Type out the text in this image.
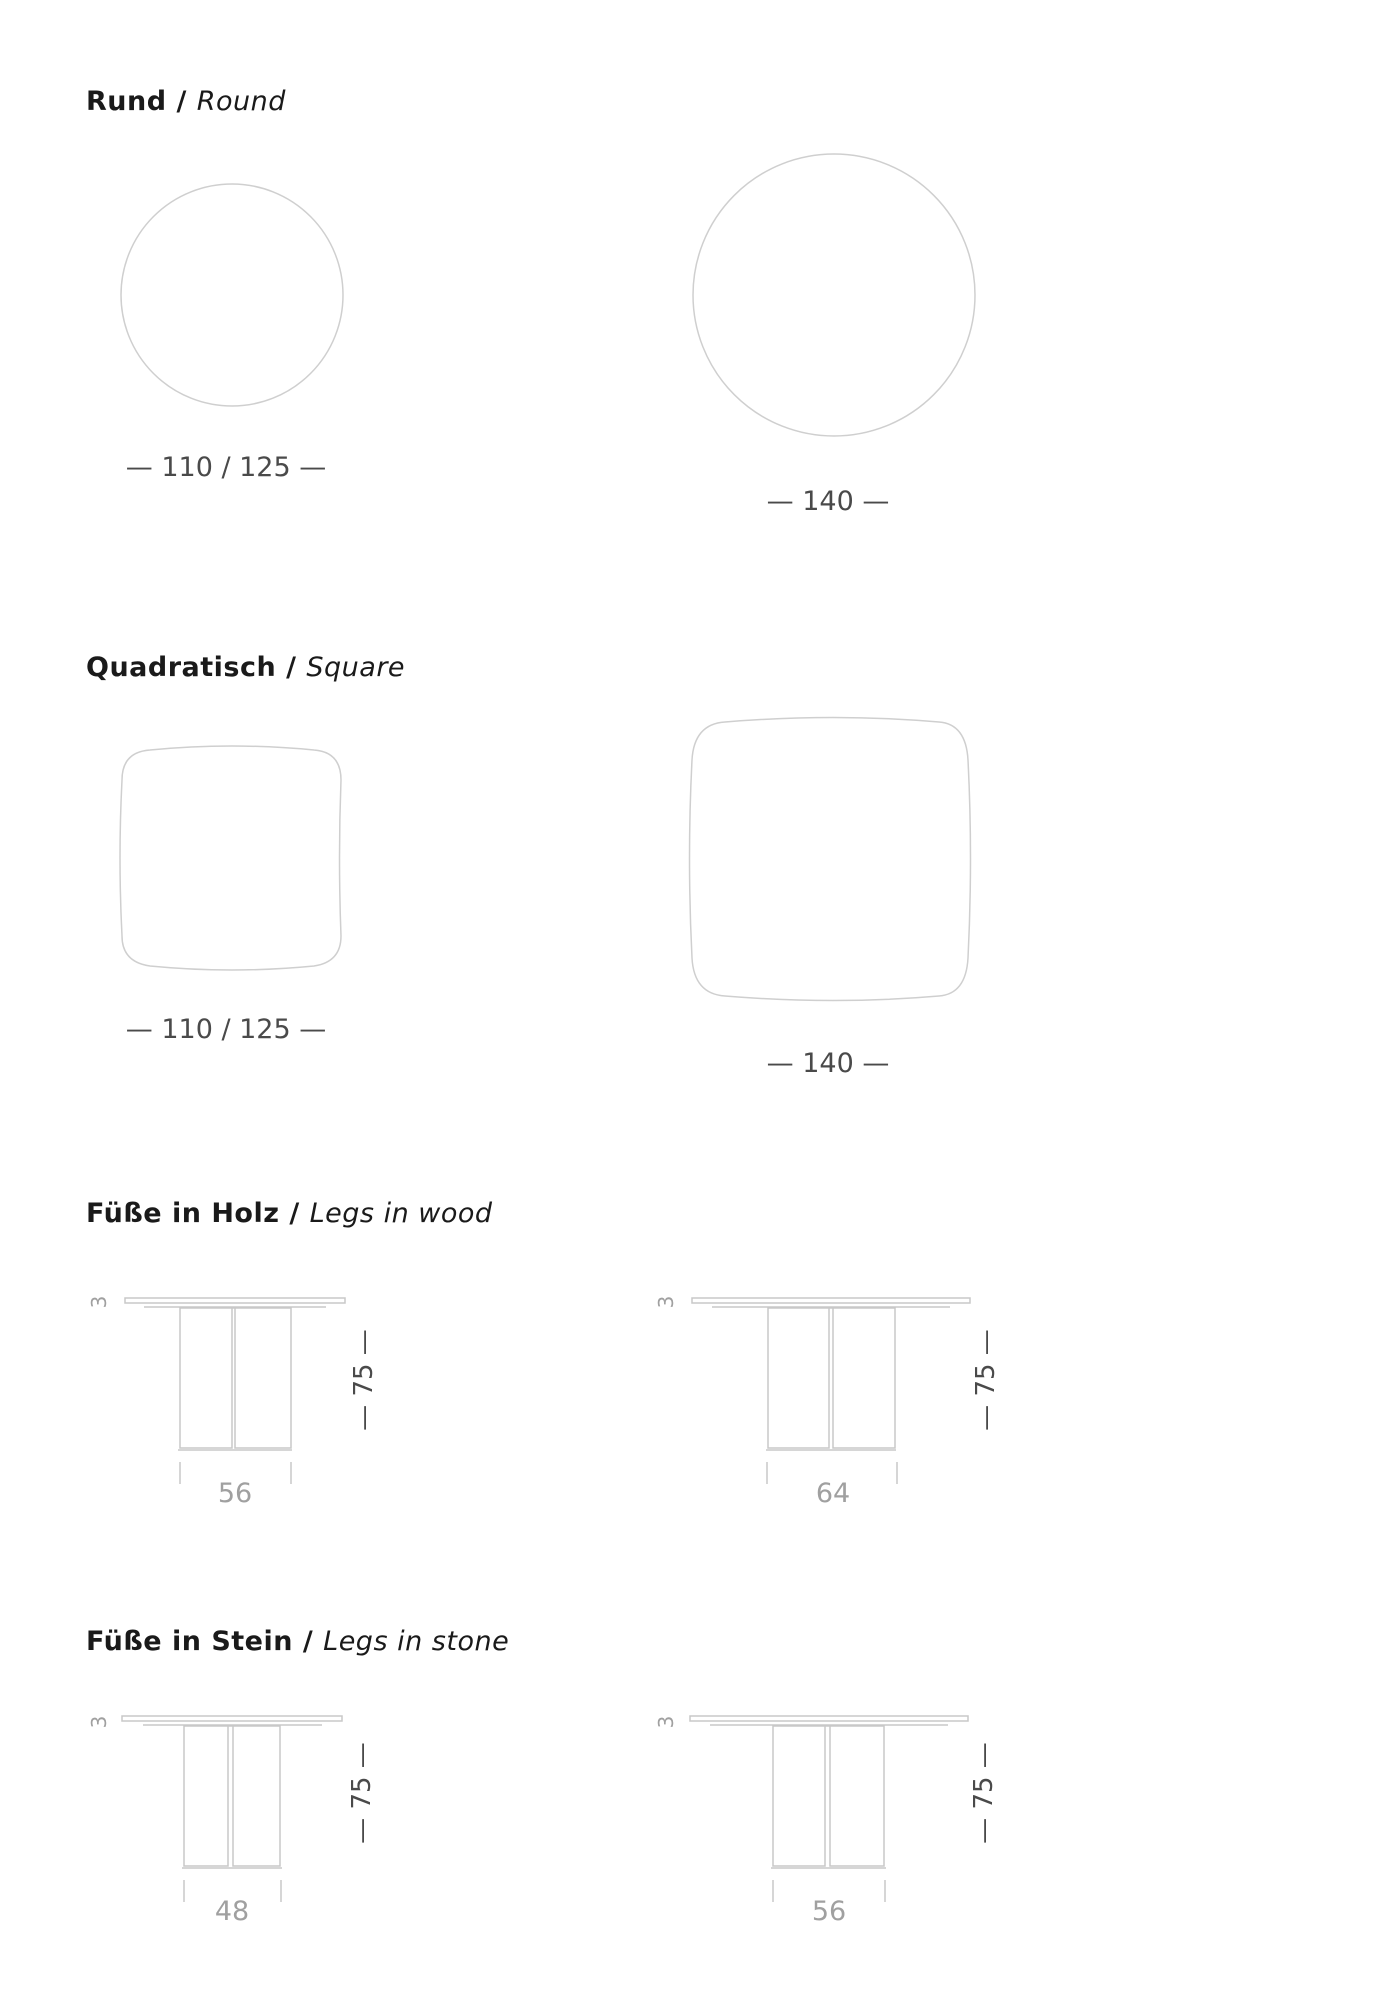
Rund / Round
— 110 / 125 —
— 140 —
Quadratisch / Square
— 110 / 125 —
— 140 —
Füße in Holz / Legs in wood
3
— 75 —
56
3
— 75 —
64
Füße in Stein / Legs in stone
3
— 75 —
48
3
— 75 —
56
